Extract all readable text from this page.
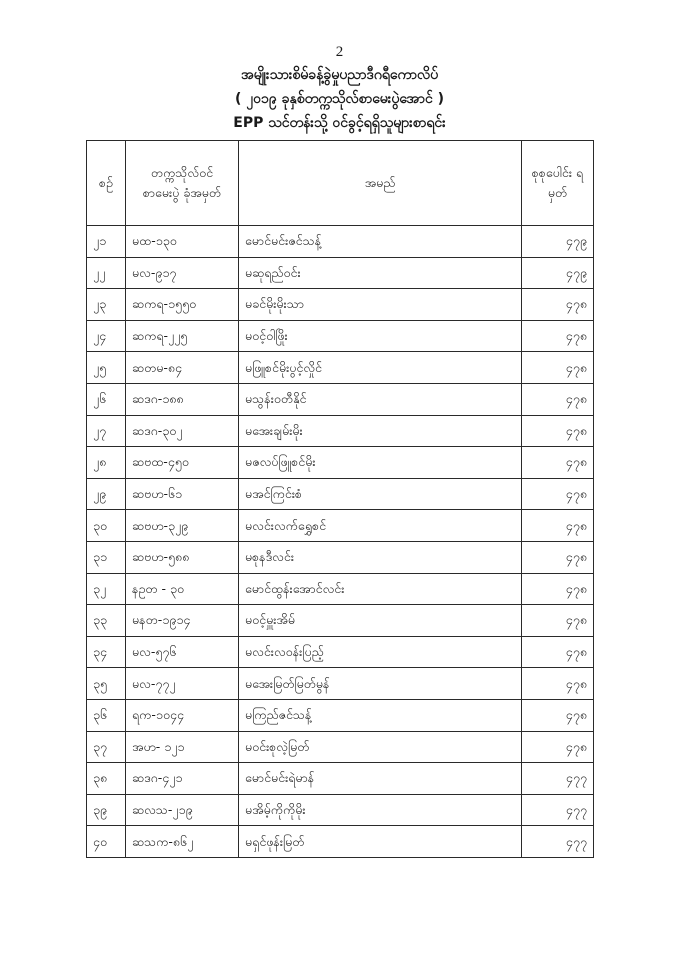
2
အမျိုးသားစိမ်ခန့်ခွဲမှုပညာဒီဂရီကောလိပ်
( ၂၀၁၉ ခုနှစ်တက္ကသိုလ်စာမေးပွဲအောင် )
EPP သင်တန်းသို့ ဝင်ခွင့်ရရှိသူများစာရင်း
စဉ်	တက္ကသိုလ်ဝင် စာမေးပွဲ ခုံအမှတ်	အမည်	စုစုပေါင်း ရမှတ်
၂၁	မထ-၁၃၀	မောင်မင်းဇင်သန့်	၄၇၉
၂၂	မလ-၉၁၇	မဆုရည်ဝင်း	၄၇၉
၂၃	ဆကရ-၁၅၅၀	မခင်မိုးမိုးသာ	၄၇၈
၂၄	ဆကရ-၂၂၅	မဝင့်ဝါဖြိုး	၄၇၈
၂၅	ဆတမ-၈၄	မဖြူစင်မိုးပွင့်လှိုင်	၄၇၈
၂၆	ဆဒဂ-၁၈၈	မသွန်းဝတီနိုင်	၄၇၈
၂၇	ဆဒဂ-၃၀၂	မအေးချမ်းမိုး	၄၇၈
၂၈	ဆဗထ-၄၅၀	မဇလပ်ဖြူစင်မိုး	၄၇၈
၂၉	ဆဗဟ-၆၁	မအင်ကြင်းစံ	၄၇၈
၃၀	ဆဗဟ-၃၂၉	မလင်းလက်ရွှေစင်	၄၇၈
၃၁	ဆဗဟ-၅၈၈	မစုနဒီလင်း	၄၇၈
၃၂	နဥတ - ၃၀	မောင်ထွန်းအောင်လင်း	၄၇၈
၃၃	မနတ-၁၉၁၄	မဝင့်မှူးအိမ်	၄၇၈
၃၄	မလ-၅၇၆	မလင်းလဝန်းပြည့်	၄၇၈
၃၅	မလ-၇၇၂	မအေးမြတ်မြတ်မွန်	၄၇၈
၃၆	ရက-၁၀၄၄	မကြည်ဇင်သန့်	၄၇၈
၃၇	အဟ- ၁၂၁	မဝင်းစုလဲ့မြတ်	၄၇၈
၃၈	ဆဒဂ-၄၂၁	မောင်မင်းရဲမာန်	၄၇၇
၃၉	ဆလသ-၂၁၉	မအိမ့်ကိုကိုမိုး	၄၇၇
၄၀	ဆသက-၈၆၂	မရှင်ဖုန်းမြတ်	၄၇၇
